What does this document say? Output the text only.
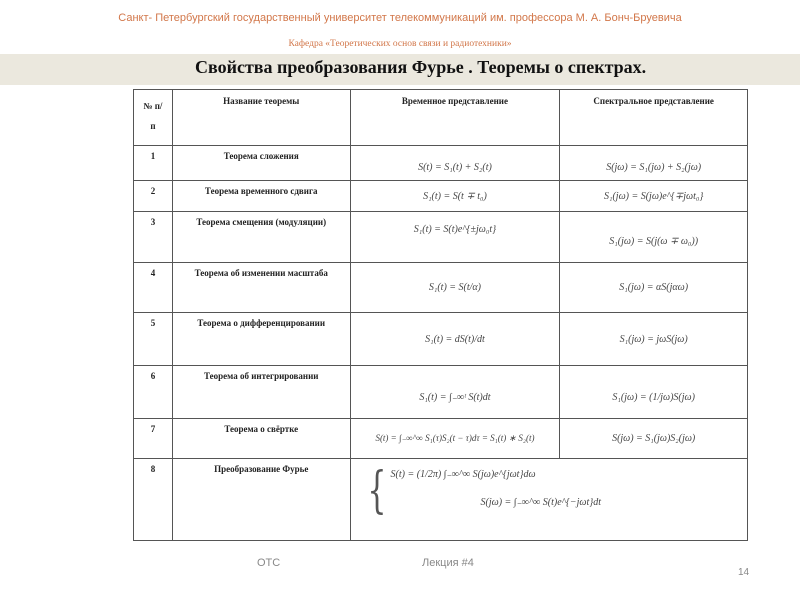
Санкт- Петербургский государственный университет телекоммуникаций им. профессора М. А. Бонч-Бруевича
Кафедра «Теоретических основ связи и радиотехники»
Свойства преобразования Фурье . Теоремы о спектрах.
№ п/п	Название теоремы	Временное представление	Спектральное представление
1	Теорема сложения	S(t) = S₁(t) + S₂(t)	S(jω) = S₁(jω) + S₂(jω)
2	Теорема временного сдвига	S₁(t) = S(t ∓ t₀)	S₁(jω) = S(jω)e^{∓jωt₀}
3	Теорема смещения (модуляции)	S₁(t) = S(t)e^{±jω₀t}	S₁(jω) = S(j(ω ∓ ω₀))
4	Теорема об изменении масштаба	S₁(t) = S(t/α)	S₁(jω) = αS(jαω)
5	Теорема о дифференцировании	S₁(t) = dS(t)/dt	S₁(jω) = jωS(jω)
6	Теорема об интегрировании	S₁(t) = ∫₋∞ᵗ S(t)dt	S₁(jω) = (1/jω)S(jω)
7	Теорема о свёртке	S(t) = ∫₋∞^∞ S₁(τ)S₂(t − τ)dτ = S₁(t) ∗ S₂(t)	S(jω) = S₁(jω)S₂(jω)
8	Преобразование Фурье	{ S(t) = (1/2π) ∫₋∞^∞ S(jω)e^{jωt}dω
S(jω) = ∫₋∞^∞ S(t)e^{−jωt}dt	
ОТС	Лекция #4
14
